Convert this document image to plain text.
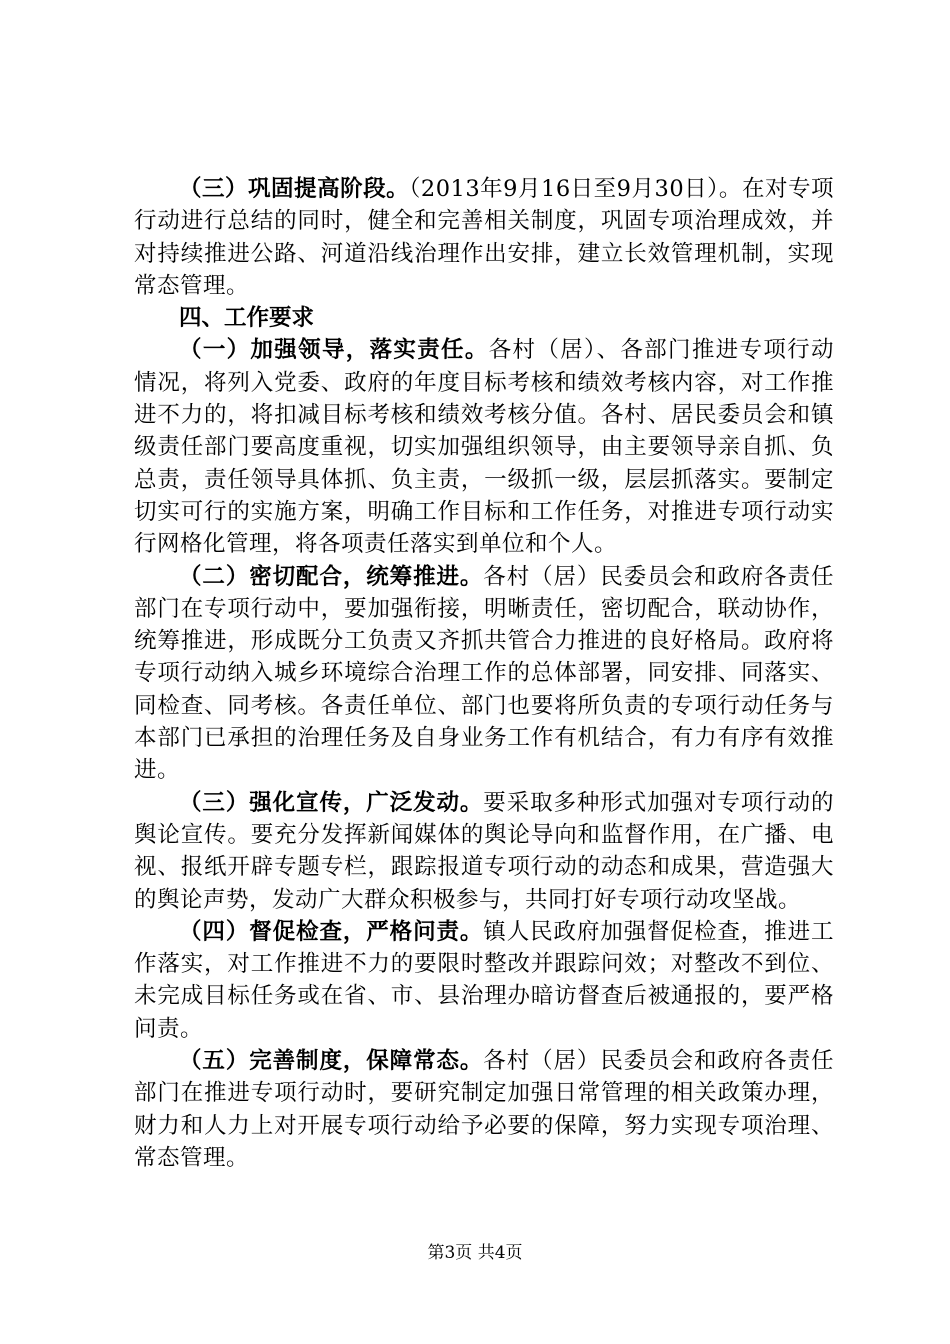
（三）巩固提高阶段。（2013年9月16日至9月30日）。在对专项行动进行总结的同时，健全和完善相关制度，巩固专项治理成效，并对持续推进公路、河道沿线治理作出安排，建立长效管理机制，实现常态管理。

四、工作要求

（一）加强领导，落实责任。各村（居）、各部门推进专项行动情况，将列入党委、政府的年度目标考核和绩效考核内容，对工作推进不力的，将扣减目标考核和绩效考核分值。各村、居民委员会和镇级责任部门要高度重视，切实加强组织领导，由主要领导亲自抓、负总责，责任领导具体抓、负主责，一级抓一级，层层抓落实。要制定切实可行的实施方案，明确工作目标和工作任务，对推进专项行动实行网格化管理，将各项责任落实到单位和个人。

（二）密切配合，统筹推进。各村（居）民委员会和政府各责任部门在专项行动中，要加强衔接，明晰责任，密切配合，联动协作，统筹推进，形成既分工负责又齐抓共管合力推进的良好格局。政府将专项行动纳入城乡环境综合治理工作的总体部署，同安排、同落实、同检查、同考核。各责任单位、部门也要将所负责的专项行动任务与本部门已承担的治理任务及自身业务工作有机结合，有力有序有效推进。

（三）强化宣传，广泛发动。要采取多种形式加强对专项行动的舆论宣传。要充分发挥新闻媒体的舆论导向和监督作用，在广播、电视、报纸开辟专题专栏，跟踪报道专项行动的动态和成果，营造强大的舆论声势，发动广大群众积极参与，共同打好专项行动攻坚战。

（四）督促检查，严格问责。镇人民政府加强督促检查，推进工作落实，对工作推进不力的要限时整改并跟踪问效；对整改不到位、未完成目标任务或在省、市、县治理办暗访督查后被通报的，要严格问责。

（五）完善制度，保障常态。各村（居）民委员会和政府各责任部门在推进专项行动时，要研究制定加强日常管理的相关政策办理，财力和人力上对开展专项行动给予必要的保障，努力实现专项治理、常态管理。

第3页 共4页
